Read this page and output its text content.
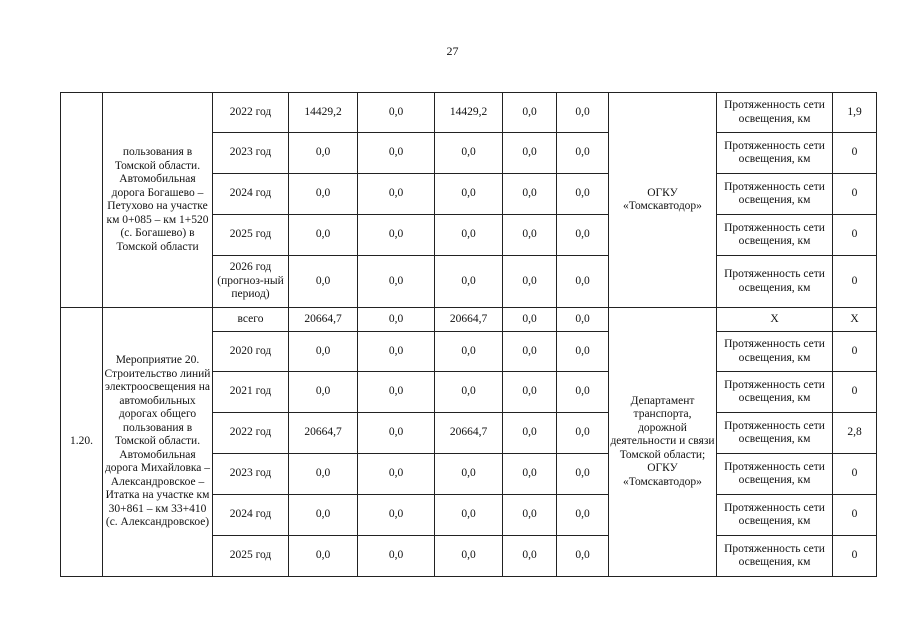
27
	пользования в Томской области. Автомобильная дорога Богашево – Петухово на участке км 0+085 – км 1+520 (с. Богашево) в Томской области	2022 год	14429,2	0,0	14429,2	0,0	0,0	ОГКУ «Томскавтодор»	Протяженность сети освещения, км	1,9
		2023 год	0,0	0,0	0,0	0,0	0,0		Протяженность сети освещения, км	0
		2024 год	0,0	0,0	0,0	0,0	0,0		Протяженность сети освещения, км	0
		2025 год	0,0	0,0	0,0	0,0	0,0		Протяженность сети освещения, км	0
		2026 год (прогноз-ный период)	0,0	0,0	0,0	0,0	0,0		Протяженность сети освещения, км	0
1.20.	Мероприятие 20. Строительство линий электроосвещения на автомобильных дорогах общего пользования в Томской области. Автомобильная дорога Михайловка – Александровское – Итатка на участке км 30+861 – км 33+410 (с. Александровское)	всего	20664,7	0,0	20664,7	0,0	0,0	Департамент транспорта, дорожной деятельности и связи Томской области; ОГКУ «Томскавтодор»	Х	Х
		2020 год	0,0	0,0	0,0	0,0	0,0		Протяженность сети освещения, км	0
		2021 год	0,0	0,0	0,0	0,0	0,0		Протяженность сети освещения, км	0
		2022 год	20664,7	0,0	20664,7	0,0	0,0		Протяженность сети освещения, км	2,8
		2023 год	0,0	0,0	0,0	0,0	0,0		Протяженность сети освещения, км	0
		2024 год	0,0	0,0	0,0	0,0	0,0		Протяженность сети освещения, км	0
		2025 год	0,0	0,0	0,0	0,0	0,0		Протяженность сети освещения, км	0
